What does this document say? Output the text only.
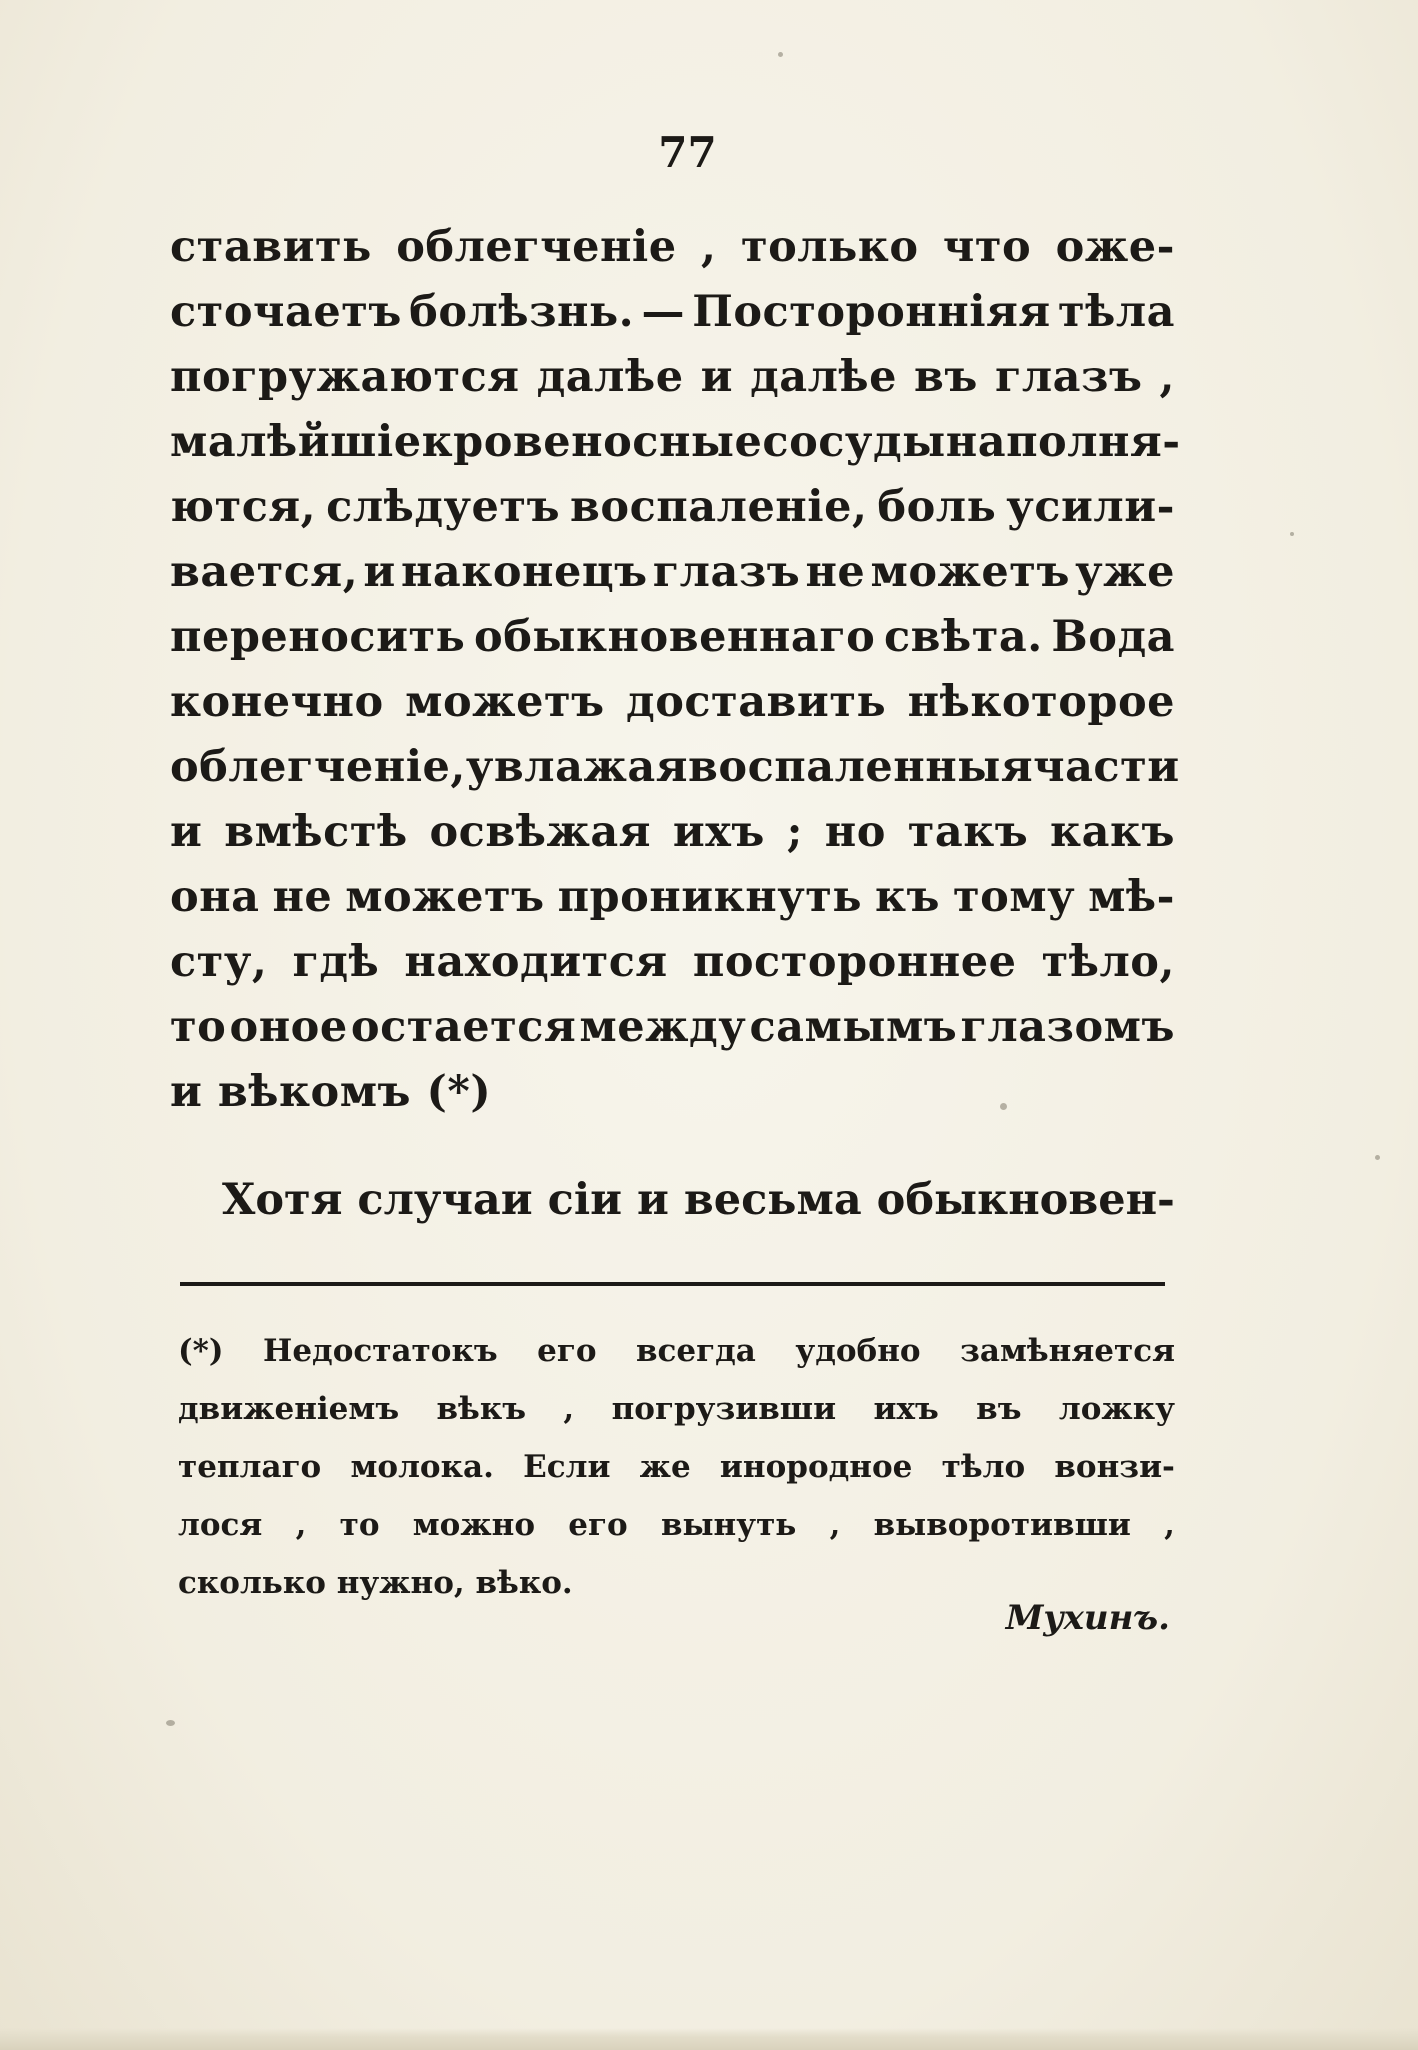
77

ставить облегченіе , только что оже-
сточаетъ болѣзнь. — Посторонніяя тѣла
погружаются далѣе и далѣе въ глазъ ,
малѣйшіе кровеносные сосуды наполня-
ются, слѣдуетъ воспаленіе, боль усили-
вается, и наконецъ глазъ не можетъ уже
переносить обыкновеннаго свѣта. Вода
конечно можетъ доставить нѣкоторое
облегченіе , увлажая воспаленныя части
и вмѣстѣ освѣжая ихъ ; но такъ какъ
она не можетъ проникнуть къ тому мѣ-
сту, гдѣ находится постороннее тѣло,
то оное остается между самымъ глазомъ
и вѣкомъ (*)

Хотя случаи сіи и весьма обыкновен-

(*) Недостатокъ его всегда удобно замѣняется
движеніемъ вѣкъ , погрузивши ихъ въ ложку
теплаго молока. Если же инородное тѣло вонзи-
лося , то можно его вынуть , выворотивши ,
сколько нужно, вѣко.

Мухинъ.
